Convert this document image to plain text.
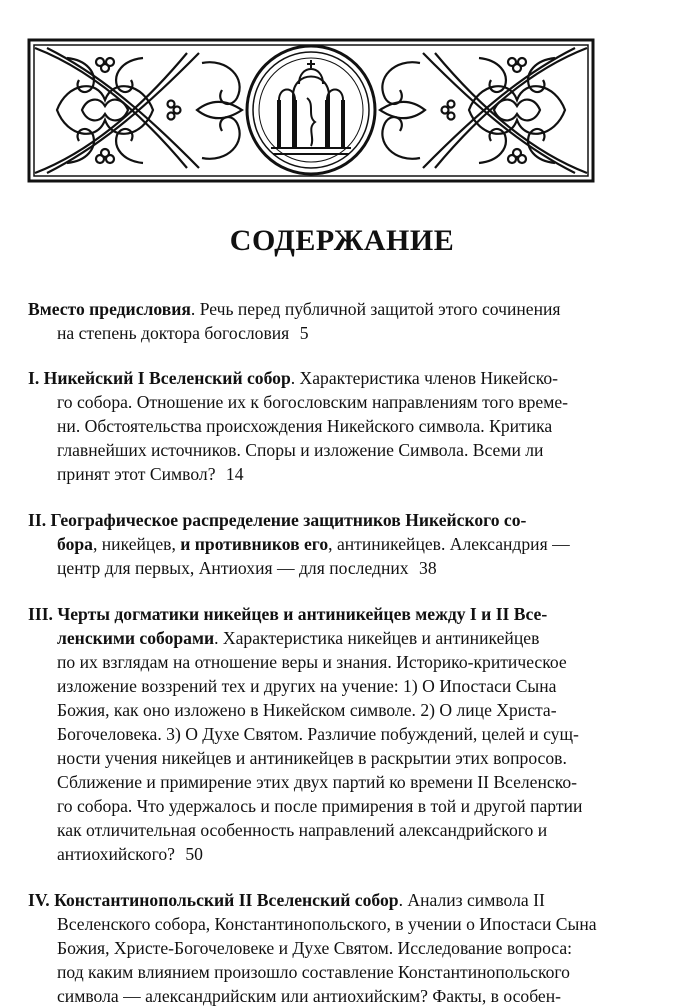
СОДЕРЖАНИЕ
Вместо предисловия. Речь перед публичной защитой этого сочинения
на степень доктора богословия 5
I. Никейский I Вселенский собор. Характеристика членов Никейско-
го собора. Отношение их к богословским направлениям того време-
ни. Обстоятельства происхождения Никейского символа. Критика
главнейших источников. Споры и изложение Символа. Всеми ли
принят этот Символ? 14
II. Географическое распределение защитников Никейского со-
бора, никейцев, и противников его, антиникейцев. Александрия —
центр для первых, Антиохия — для последних 38
III. Черты догматики никейцев и антиникейцев между I и II Все-
ленскими соборами. Характеристика никейцев и антиникейцев
по их взглядам на отношение веры и знания. Историко-критическое
изложение воззрений тех и других на учение: 1) О Ипостаси Сына
Божия, как оно изложено в Никейском символе. 2) О лице Христа-
Богочеловека. 3) О Духе Святом. Различие побуждений, целей и сущ-
ности учения никейцев и антиникейцев в раскрытии этих вопросов.
Сближение и примирение этих двух партий ко времени II Вселенско-
го собора. Что удержалось и после примирения в той и другой партии
как отличительная особенность направлений александрийского и
антиохийского? 50
IV. Константинопольский II Вселенский собор. Анализ символа II
Вселенского собора, Константинопольского, в учении о Ипостаси Сына
Божия, Христе-Богочеловеке и Духе Святом. Исследование вопроса:
под каким влиянием произошло составление Константинопольского
символа — александрийским или антиохийским? Факты, в особен-
